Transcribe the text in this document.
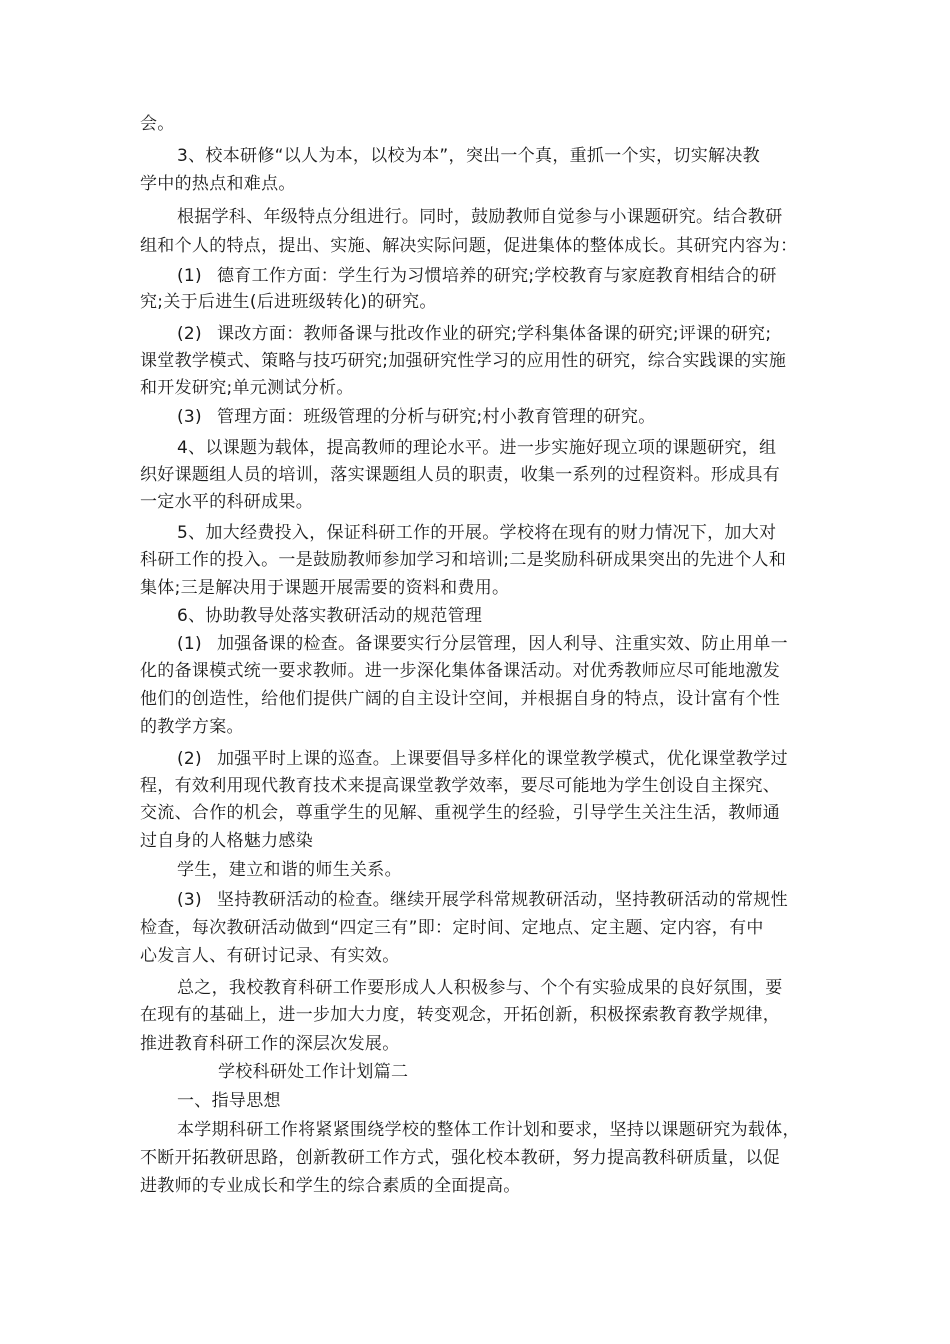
会。
3、校本研修“以人为本，以校为本”，突出一个真，重抓一个实，切实解决教
学中的热点和难点。
根据学科、年级特点分组进行。同时，鼓励教师自觉参与小课题研究。结合教研
组和个人的特点，提出、实施、解决实际问题，促进集体的整体成长。其研究内容为：
(1) 德育工作方面：学生行为习惯培养的研究;学校教育与家庭教育相结合的研
究;关于后进生(后进班级转化)的研究。
(2) 课改方面：教师备课与批改作业的研究;学科集体备课的研究;评课的研究;
课堂教学模式、策略与技巧研究;加强研究性学习的应用性的研究，综合实践课的实施
和开发研究;单元测试分析。
(3) 管理方面：班级管理的分析与研究;村小教育管理的研究。
4、以课题为载体，提高教师的理论水平。进一步实施好现立项的课题研究，组
织好课题组人员的培训，落实课题组人员的职责，收集一系列的过程资料。形成具有
一定水平的科研成果。
5、加大经费投入，保证科研工作的开展。学校将在现有的财力情况下，加大对
科研工作的投入。一是鼓励教师参加学习和培训;二是奖励科研成果突出的先进个人和
集体;三是解决用于课题开展需要的资料和费用。
6、协助教导处落实教研活动的规范管理
(1) 加强备课的检查。备课要实行分层管理，因人利导、注重实效、防止用单一
化的备课模式统一要求教师。进一步深化集体备课活动。对优秀教师应尽可能地激发
他们的创造性，给他们提供广阔的自主设计空间，并根据自身的特点，设计富有个性
的教学方案。
(2) 加强平时上课的巡查。上课要倡导多样化的课堂教学模式，优化课堂教学过
程，有效利用现代教育技术来提高课堂教学效率，要尽可能地为学生创设自主探究、
交流、合作的机会，尊重学生的见解、重视学生的经验，引导学生关注生活，教师通
过自身的人格魅力感染
学生，建立和谐的师生关系。
(3) 坚持教研活动的检查。继续开展学科常规教研活动，坚持教研活动的常规性
检查，每次教研活动做到“四定三有”即：定时间、定地点、定主题、定内容，有中
心发言人、有研讨记录、有实效。
总之，我校教育科研工作要形成人人积极参与、个个有实验成果的良好氛围，要
在现有的基础上，进一步加大力度，转变观念，开拓创新，积极探索教育教学规律，
推进教育科研工作的深层次发展。
学校科研处工作计划篇二
一、指导思想
本学期科研工作将紧紧围绕学校的整体工作计划和要求，坚持以课题研究为载体，
不断开拓教研思路，创新教研工作方式，强化校本教研，努力提高教科研质量，以促
进教师的专业成长和学生的综合素质的全面提高。
